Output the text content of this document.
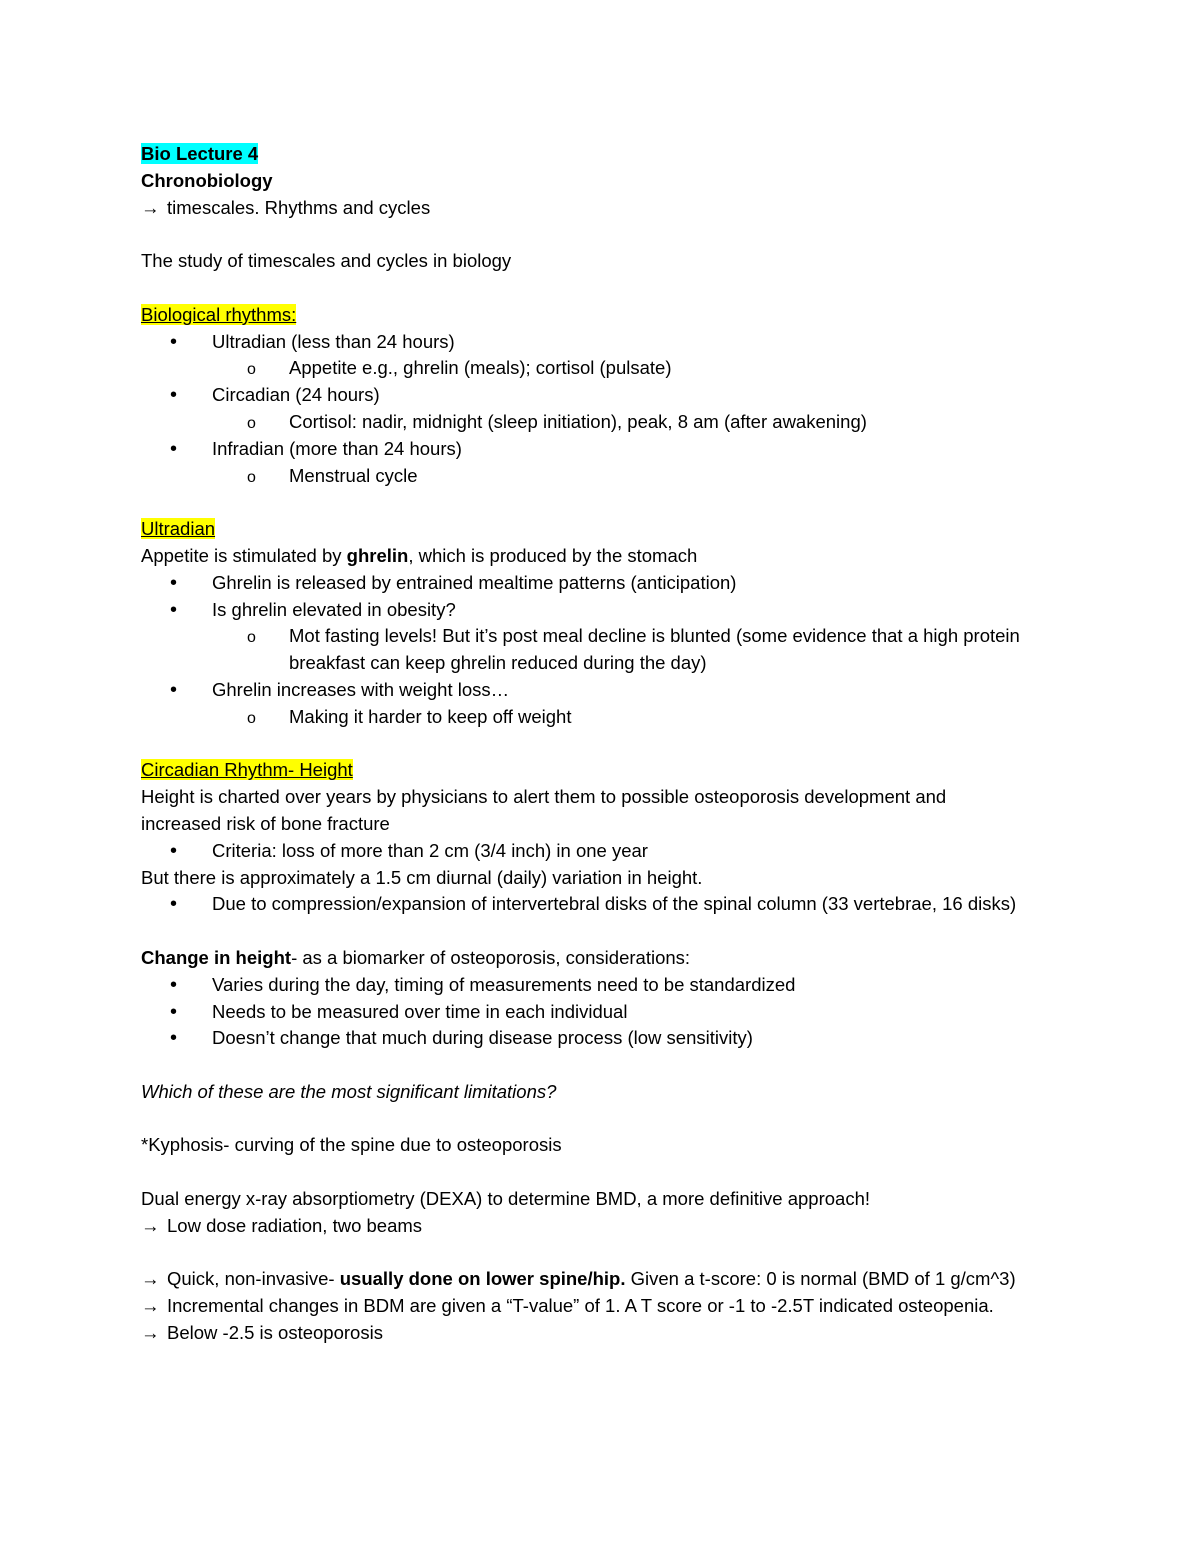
Bio Lecture 4
Chronobiology
→ timescales. Rhythms and cycles
The study of timescales and cycles in biology
Biological rhythms:
•
Ultradian (less than 24 hours)
o
Appetite e.g., ghrelin (meals); cortisol (pulsate)
•
Circadian (24 hours)
o
Cortisol: nadir, midnight (sleep initiation), peak, 8 am (after awakening)
•
Infradian (more than 24 hours)
o
Menstrual cycle
Ultradian
Appetite is stimulated by ghrelin, which is produced by the stomach
•
Ghrelin is released by entrained mealtime patterns (anticipation)
•
Is ghrelin elevated in obesity?
o
Mot fasting levels! But it’s post meal decline is blunted (some evidence that a high protein breakfast can keep ghrelin reduced during the day)
•
Ghrelin increases with weight loss…
o
Making it harder to keep off weight
Circadian Rhythm- Height
Height is charted over years by physicians to alert them to possible osteoporosis development and increased risk of bone fracture
•
Criteria: loss of more than 2 cm (3/4 inch) in one year
But there is approximately a 1.5 cm diurnal (daily) variation in height.
•
Due to compression/expansion of intervertebral disks of the spinal column (33 vertebrae, 16 disks)
Change in height- as a biomarker of osteoporosis, considerations:
•
Varies during the day, timing of measurements need to be standardized
•
Needs to be measured over time in each individual
•
Doesn’t change that much during disease process (low sensitivity)
Which of these are the most significant limitations?
*Kyphosis- curving of the spine due to osteoporosis
Dual energy x-ray absorptiometry (DEXA) to determine BMD, a more definitive approach!
→ Low dose radiation, two beams
→ Quick, non-invasive- usually done on lower spine/hip. Given a t-score: 0 is normal (BMD of 1 g/cm^3)
→ Incremental changes in BDM are given a “T-value” of 1. A T score or -1 to -2.5T indicated osteopenia.
→ Below -2.5 is osteoporosis
